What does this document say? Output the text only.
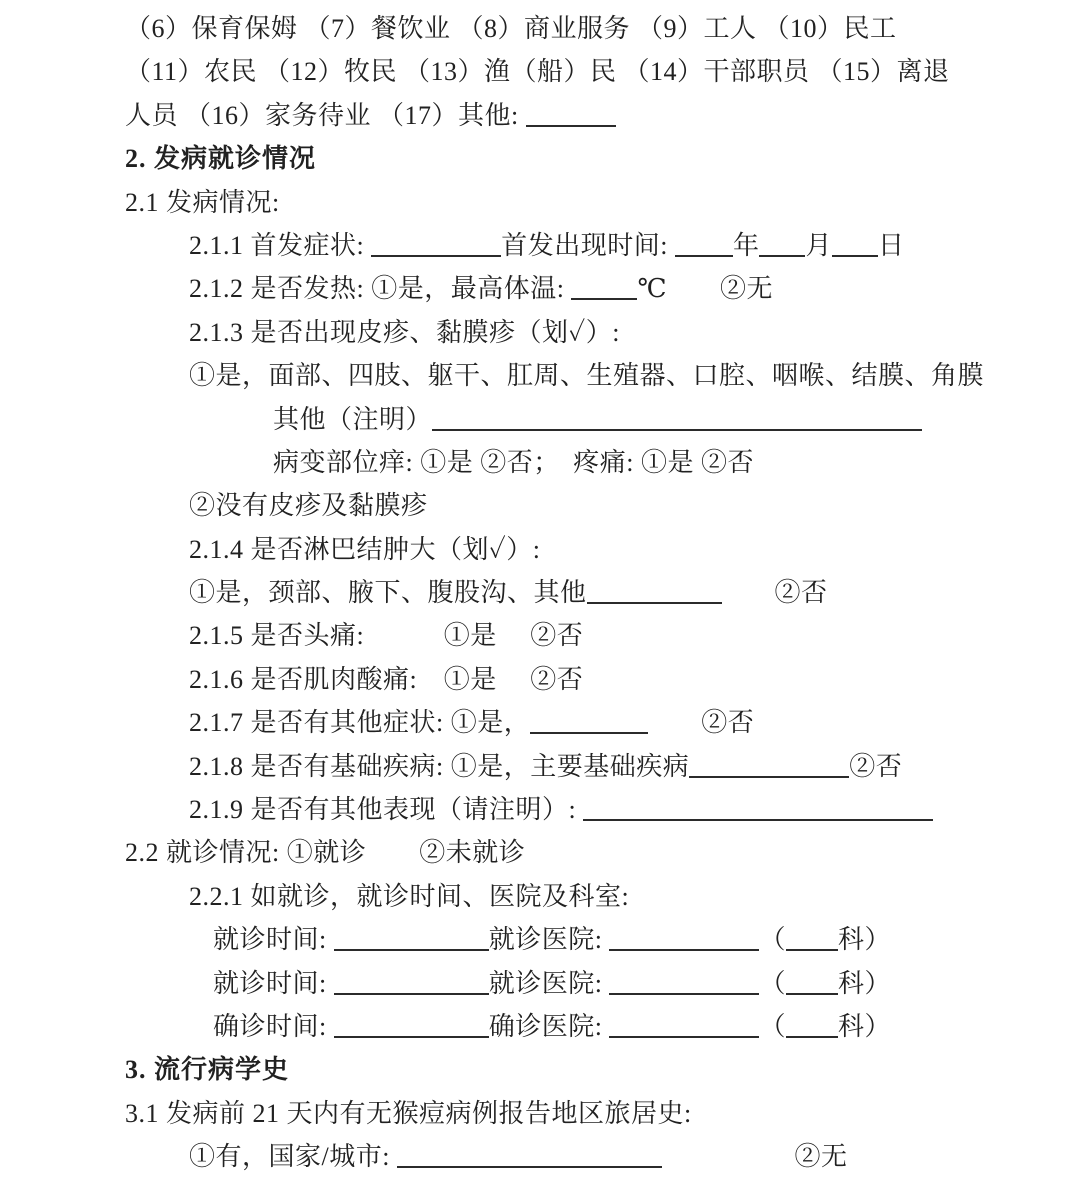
（6）保育保姆 （7）餐饮业 （8）商业服务 （9）工人 （10）民工
（11）农民 （12）牧民 （13）渔（船）民 （14）干部职员 （15）离退
人员 （16）家务待业 （17）其他:
2. 发病就诊情况
2.1 发病情况:
2.1.1 首发症状:	首发出现时间: 年 月 日
2.1.2 是否发热: ①是，最高体温:	℃　　②无
2.1.3 是否出现皮疹、黏膜疹（划✓）:
①是，面部、四肢、躯干、肛周、生殖器、口腔、咽喉、结膜、角膜
其他（注明）
病变部位痒: ①是 ②否；　疼痛: ①是 ②否
②没有皮疹及黏膜疹
2.1.4 是否淋巴结肿大（划✓）:
①是，颈部、腋下、腹股沟、其他	　　②否
2.1.5 是否头痛:　　　①是　 ②否
2.1.6 是否肌肉酸痛:　①是　 ②否
2.1.7 是否有其他症状: ①是，	　　②否
2.1.8 是否有基础疾病: ①是，主要基础疾病	②否
2.1.9 是否有其他表现（请注明）:
2.2 就诊情况: ①就诊　　②未就诊
2.2.1 如就诊，就诊时间、医院及科室:
就诊时间:	就诊医院:	（ 科）
就诊时间:	就诊医院:	（ 科）
确诊时间:	确诊医院:	（ 科）
3. 流行病学史
3.1 发病前 21 天内有无猴痘病例报告地区旅居史:
①有，国家/城市:	　　　　　②无
